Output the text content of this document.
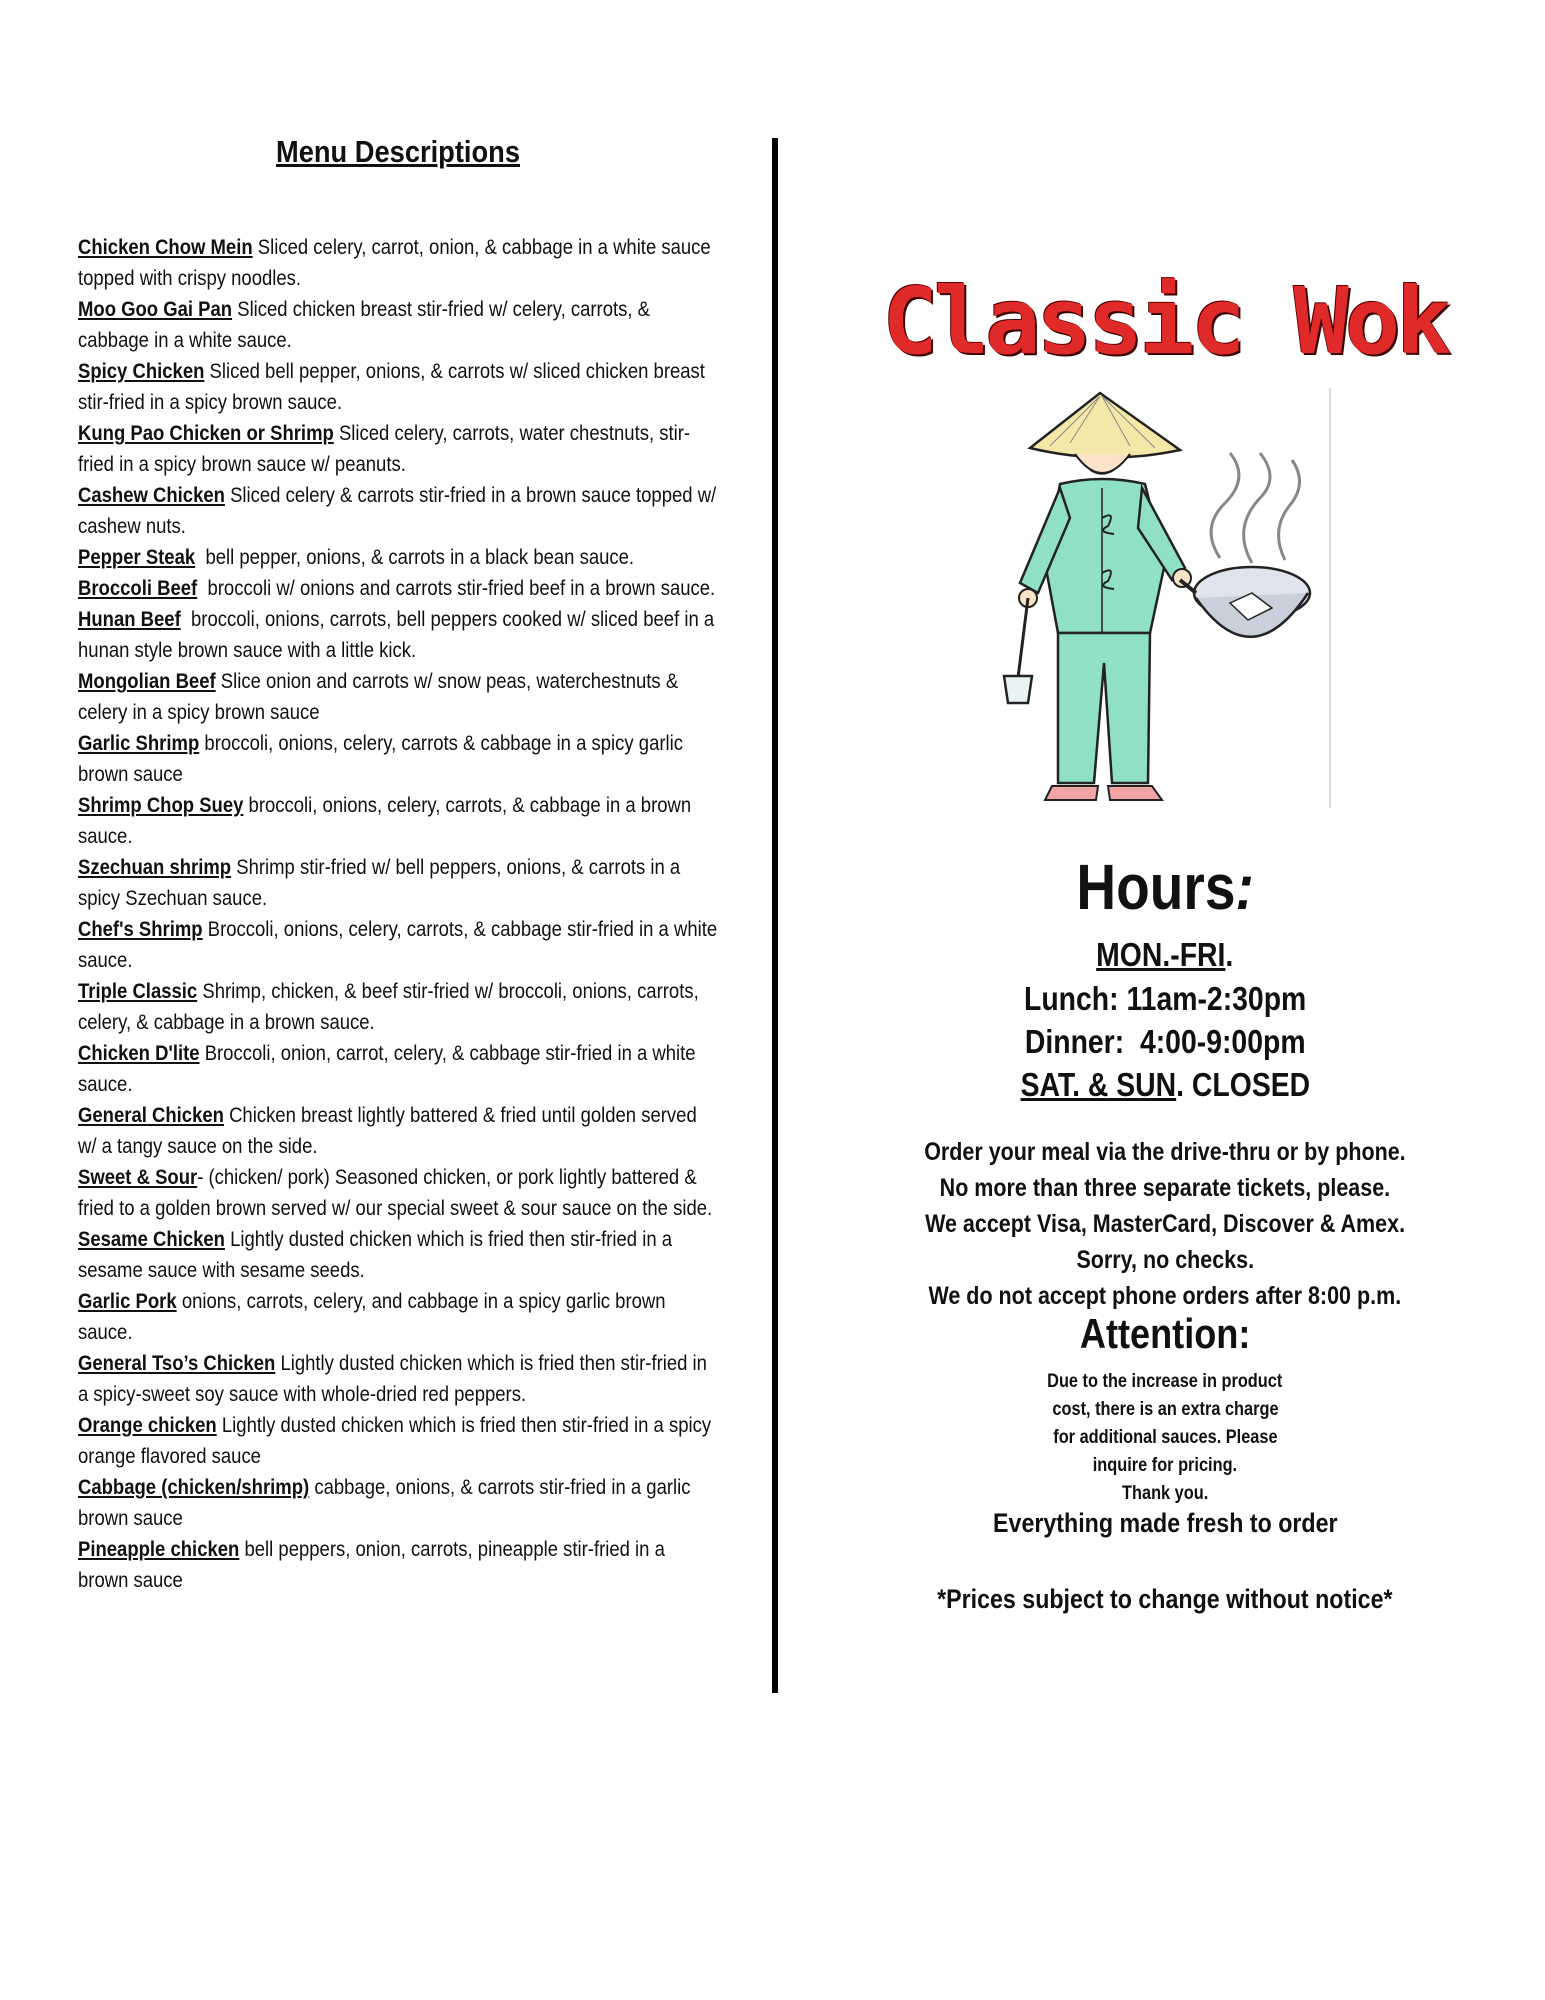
Menu Descriptions
Chicken Chow Mein Sliced celery, carrot, onion, & cabbage in a white sauce topped with crispy noodles.
Moo Goo Gai Pan Sliced chicken breast stir-fried w/ celery, carrots, & cabbage in a white sauce.
Spicy Chicken Sliced bell pepper, onions, & carrots w/ sliced chicken breast stir-fried in a spicy brown sauce.
Kung Pao Chicken or Shrimp Sliced celery, carrots, water chestnuts, stir-fried in a spicy brown sauce w/ peanuts.
Cashew Chicken Sliced celery & carrots stir-fried in a brown sauce topped w/ cashew nuts.
Pepper Steak bell pepper, onions, & carrots in a black bean sauce.
Broccoli Beef broccoli w/ onions and carrots stir-fried beef in a brown sauce.
Hunan Beef broccoli, onions, carrots, bell peppers cooked w/ sliced beef in a hunan style brown sauce with a little kick.
Mongolian Beef Slice onion and carrots w/ snow peas, waterchestnuts & celery in a spicy brown sauce
Garlic Shrimp broccoli, onions, celery, carrots & cabbage in a spicy garlic brown sauce
Shrimp Chop Suey broccoli, onions, celery, carrots, & cabbage in a brown sauce.
Szechuan shrimp Shrimp stir-fried w/ bell peppers, onions, & carrots in a spicy Szechuan sauce.
Chef's Shrimp Broccoli, onions, celery, carrots, & cabbage stir-fried in a white sauce.
Triple Classic Shrimp, chicken, & beef stir-fried w/ broccoli, onions, carrots, celery, & cabbage in a brown sauce.
Chicken D'lite Broccoli, onion, carrot, celery, & cabbage stir-fried in a white sauce.
General Chicken Chicken breast lightly battered & fried until golden served w/ a tangy sauce on the side.
Sweet & Sour- (chicken/ pork) Seasoned chicken, or pork lightly battered & fried to a golden brown served w/ our special sweet & sour sauce on the side.
Sesame Chicken Lightly dusted chicken which is fried then stir-fried in a sesame sauce with sesame seeds.
Garlic Pork onions, carrots, celery, and cabbage in a spicy garlic brown sauce.
General Tso’s Chicken Lightly dusted chicken which is fried then stir-fried in a spicy-sweet soy sauce with whole-dried red peppers.
Orange chicken Lightly dusted chicken which is fried then stir-fried in a spicy orange flavored sauce
Cabbage (chicken/shrimp) cabbage, onions, & carrots stir-fried in a garlic brown sauce
Pineapple chicken bell peppers, onion, carrots, pineapple stir-fried in a brown sauce
Classic Wok
Hours:
MON.-FRI.
Lunch: 11am-2:30pm
Dinner:  4:00-9:00pm
SAT. & SUN. CLOSED
Order your meal via the drive-thru or by phone.
No more than three separate tickets, please.
We accept Visa, MasterCard, Discover & Amex.
Sorry, no checks.
We do not accept phone orders after 8:00 p.m.
Attention:
Due to the increase in product
cost, there is an extra charge
for additional sauces. Please
inquire for pricing.
Thank you.
Everything made fresh to order
*Prices subject to change without notice*
